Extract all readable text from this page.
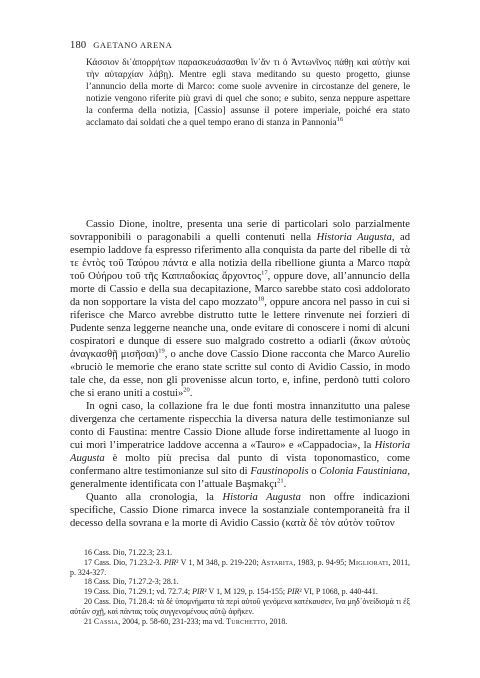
180 GAETANO ARENA

Κάσσιον δι᾽ἀπορρήτων παρασκευάσασθαι ἵν᾽ἄν τι ὁ Ἀντωνῖνος πάθῃ καὶ αὐτὴν καὶ τὴν αὐταρχίαν λάβῃ). Mentre egli stava meditando su questo progetto, giunse l’annuncio della morte di Marco: come suole avvenire in circostanze del genere, le notizie vengono riferite più gravi di quel che sono; e subito, senza neppure aspettare la conferma della notizia, [Cassio] assunse il potere imperiale, poiché era stato acclamato dai soldati che a quel tempo erano di stanza in Pannonia$^{16}$

Cassio Dione, inoltre, presenta una serie di particolari solo parzialmente sovrapponibili o paragonabili a quelli contenuti nella Historia Augusta, ad esempio laddove fa espresso riferimento alla conquista da parte del ribelle di τὰ τε ἐντὸς τοῦ Ταύρου πάντα e alla notizia della ribellione giunta a Marco παρὰ τοῦ Οὐήρου τοῦ τῆς Καππαδοκίας ἄρχοντος$^{17}$, oppure dove, all’annuncio della morte di Cassio e della sua decapitazione, Marco sarebbe stato così addolorato da non sopportare la vista del capo mozzato$^{18}$, oppure ancora nel passo in cui si riferisce che Marco avrebbe distrutto tutte le lettere rinvenute nei forzieri di Pudente senza leggerne neanche una, onde evitare di conoscere i nomi di alcuni cospiratori e dunque di essere suo malgrado costretto a odiarli (ἄκων αὐτοὺς ἀναγκασθῇ μισῆσαι)$^{19}$, o anche dove Cassio Dione racconta che Marco Aurelio «bruciò le memorie che erano state scritte sul conto di Avidio Cassio, in modo tale che, da esse, non gli provenisse alcun torto, e, infine, perdonò tutti coloro che si erano uniti a costui»$^{20}$.

In ogni caso, la collazione fra le due fonti mostra innanzitutto una palese divergenza che certamente rispecchia la diversa natura delle testimonianze sul conto di Faustina: mentre Cassio Dione allude forse indirettamente al luogo in cui morì l’imperatrice laddove accenna a «Tauro» e «Cappadocia», la Historia Augusta è molto più precisa dal punto di vista toponomastico, come confermano altre testimonianze sul sito di Faustinopolis o Colonia Faustiniana, generalmente identificata con l’attuale Başmakçı$^{21}$.

Quanto alla cronologia, la Historia Augusta non offre indicazioni specifiche, Cassio Dione rimarca invece la sostanziale contemporaneità fra il decesso della sovrana e la morte di Avidio Cassio (κατὰ δὲ τὸν αὐτὸν τοῦτον

16 Cass. Dio, 71.22.3; 23.1.

17 Cass. Dio, 71.23.2-3. PIR² V 1, M 348, p. 219-220; Astarita, 1983, p. 94-95; Migliorati, 2011, p. 324-327.

18 Cass. Dio, 71.27.2-3; 28.1.

19 Cass. Dio, 71.29.1; vd. 72.7.4; PIR² V 1, M 129, p. 154-155; PIR² VI, P 1068, p. 440-441.

20 Cass. Dio, 71.28.4: τὰ δὲ ὑπομνήματα τὰ περὶ αὐτοῦ γενόμενα κατέκαυσεν, ἵνα μηδ᾽ὀνείδισμά τι ἐξ αὐτῶν σχῇ, καὶ πάντας τοὺς συγγενομένους αὐτῷ ἀφῆκεν.

21 Cassia, 2004, p. 58-60, 231-233; ma vd. Turchetto, 2018.
